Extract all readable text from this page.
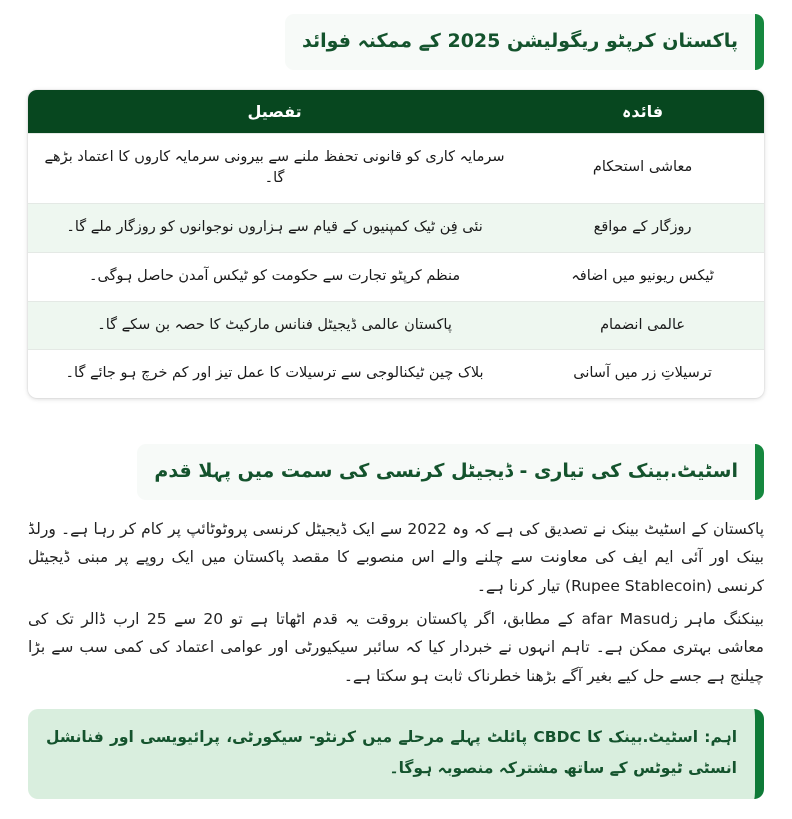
پاکستان کرپٹو ریگولیشن 2025 کے ممکنہ فوائد
فائدہ	تفصیل
معاشی استحکام	سرمایہ کاری کو قانونی تحفظ ملنے سے بیرونی سرمایہ کاروں کا اعتماد بڑھے گا۔
روزگار کے مواقع	نئی فِن ٹیک کمپنیوں کے قیام سے ہزاروں نوجوانوں کو روزگار ملے گا۔
ٹیکس ریونیو میں اضافہ	منظم کرپٹو تجارت سے حکومت کو ٹیکس آمدن حاصل ہوگی۔
عالمی انضمام	پاکستان عالمی ڈیجیٹل فنانس مارکیٹ کا حصہ بن سکے گا۔
ترسیلاتِ زر میں آسانی	بلاک چین ٹیکنالوجی سے ترسیلات کا عمل تیز اور کم خرچ ہو جائے گا۔
اسٹیٹ.بینک کی تیاری - ڈیجیٹل کرنسی کی سمت میں پہلا قدم

پاکستان کے اسٹیٹ بینک نے تصدیق کی ہے کہ وہ 2022 سے ایک ڈیجیٹل کرنسی پروٹوٹائپ پر کام کر رہا ہے۔ ورلڈ بینک اور آئی ایم ایف کی معاونت سے چلنے والے اس منصوبے کا مقصد پاکستان میں ایک روپے پر مبنی ڈیجیٹل کرنسی (Rupee Stablecoin) تیار کرنا ہے۔

بینکنگ ماہر زafar Masud کے مطابق، اگر پاکستان بروقت یہ قدم اٹھاتا ہے تو 20 سے 25 ارب ڈالر تک کی معاشی بہتری ممکن ہے۔ تاہم انہوں نے خبردار کیا کہ سائبر سیکیورٹی اور عوامی اعتماد کی کمی سب سے بڑا چیلنج ہے جسے حل کیے بغیر آگے بڑھنا خطرناک ثابت ہو سکتا ہے۔

اہم: اسٹیٹ.بینک کا CBDC پائلٹ پہلے مرحلے میں کرنٹو- سیکورٹی، پرائیویسی اور فنانشل انسٹی ٹیوٹس کے ساتھ مشترکہ منصوبہ ہوگا۔
